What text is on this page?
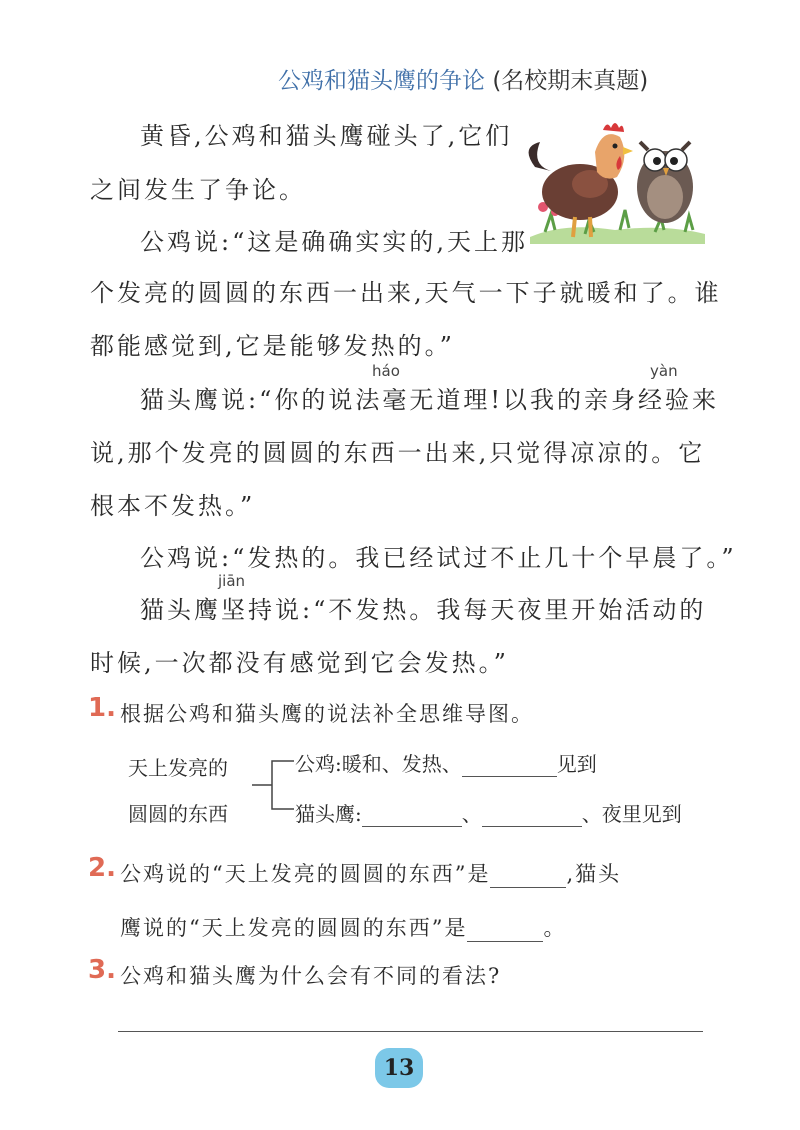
公鸡和猫头鹰的争论 (名校期末真题)
黄昏,公鸡和猫头鹰碰头了,它们
之间发生了争论。
公鸡说:“这是确确实实的,天上那
个发亮的圆圆的东西一出来,天气一下子就暖和了。谁
都能感觉到,它是能够发热的。”
háo	yàn
猫头鹰说:“你的说法毫无道理!以我的亲身经验来
说,那个发亮的圆圆的东西一出来,只觉得凉凉的。它
根本不发热。”
公鸡说:“发热的。我已经试过不止几十个早晨了。”
jiān
猫头鹰坚持说:“不发热。我每天夜里开始活动的
时候,一次都没有感觉到它会发热。”
1. 根据公鸡和猫头鹰的说法补全思维导图。
天上发亮的
圆圆的东西
公鸡:暖和、发热、	见到
猫头鹰:	、	、夜里见到
2. 公鸡说的“天上发亮的圆圆的东西”是	,猫头
鹰说的“天上发亮的圆圆的东西”是	。
3. 公鸡和猫头鹰为什么会有不同的看法?
13
